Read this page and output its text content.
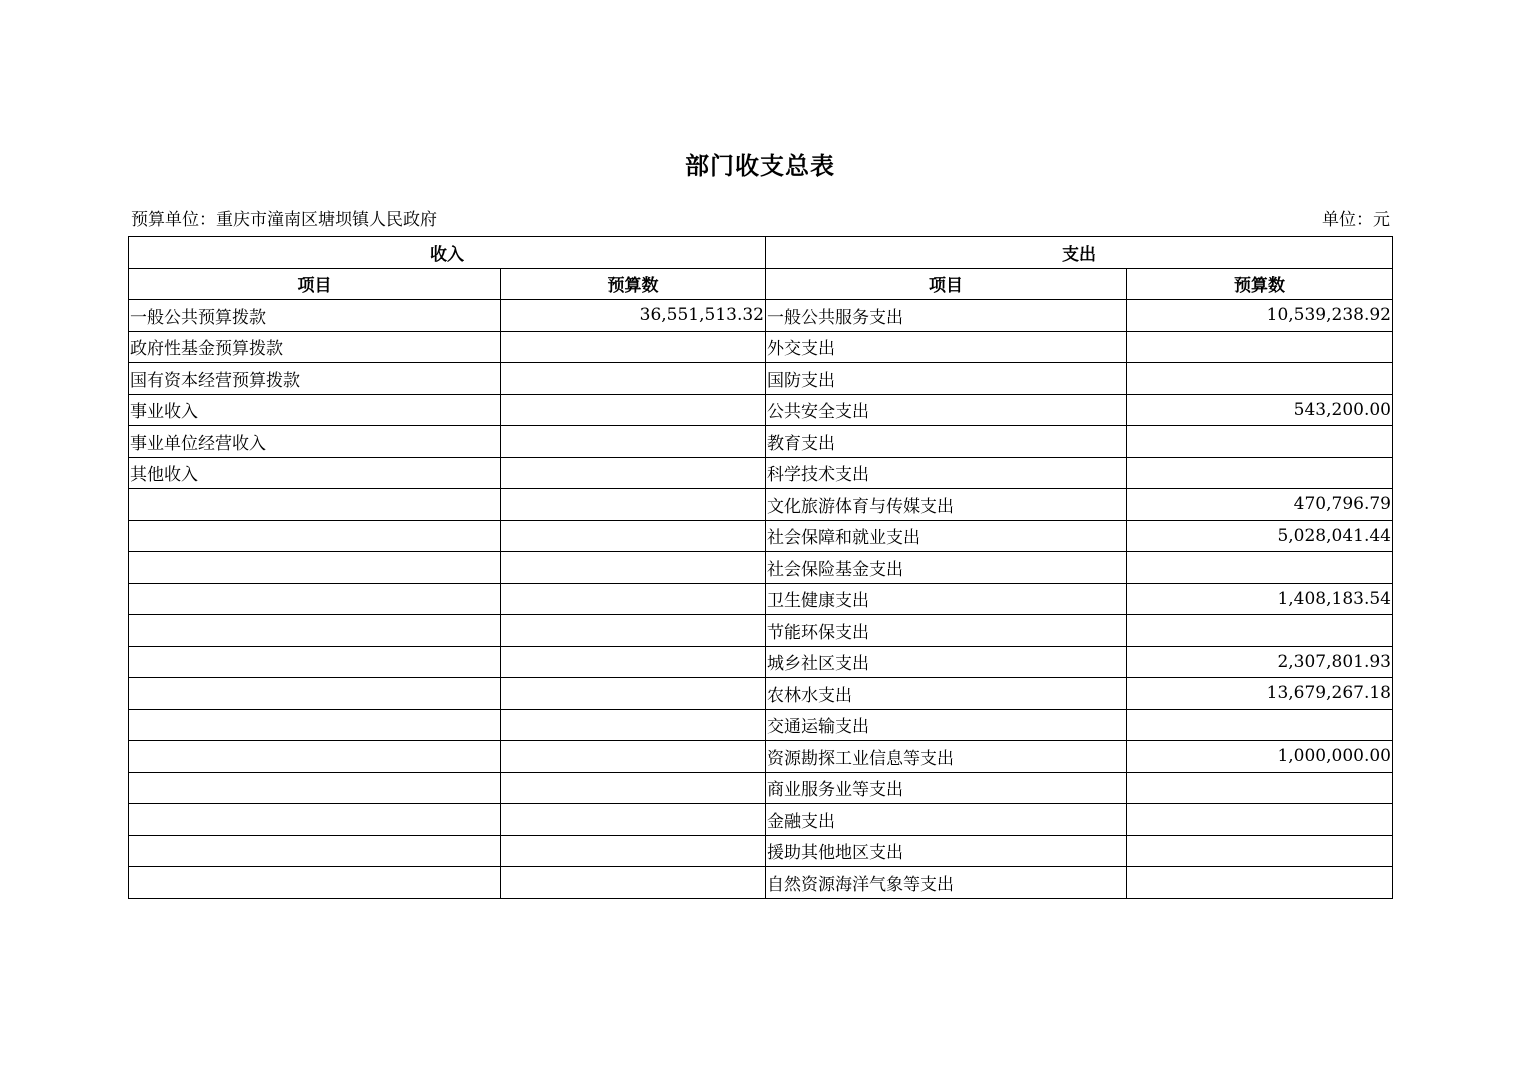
部门收支总表
预算单位：重庆市潼南区塘坝镇人民政府	单位：元
收入		支出	
项目	预算数	项目	预算数
一般公共预算拨款	36,551,513.32	一般公共服务支出	10,539,238.92
政府性基金预算拨款		外交支出	
国有资本经营预算拨款		国防支出	
事业收入		公共安全支出	543,200.00
事业单位经营收入		教育支出	
其他收入		科学技术支出	
		文化旅游体育与传媒支出	470,796.79
		社会保障和就业支出	5,028,041.44
		社会保险基金支出	
		卫生健康支出	1,408,183.54
		节能环保支出	
		城乡社区支出	2,307,801.93
		农林水支出	13,679,267.18
		交通运输支出	
		资源勘探工业信息等支出	1,000,000.00
		商业服务业等支出	
		金融支出	
		援助其他地区支出	
		自然资源海洋气象等支出	
